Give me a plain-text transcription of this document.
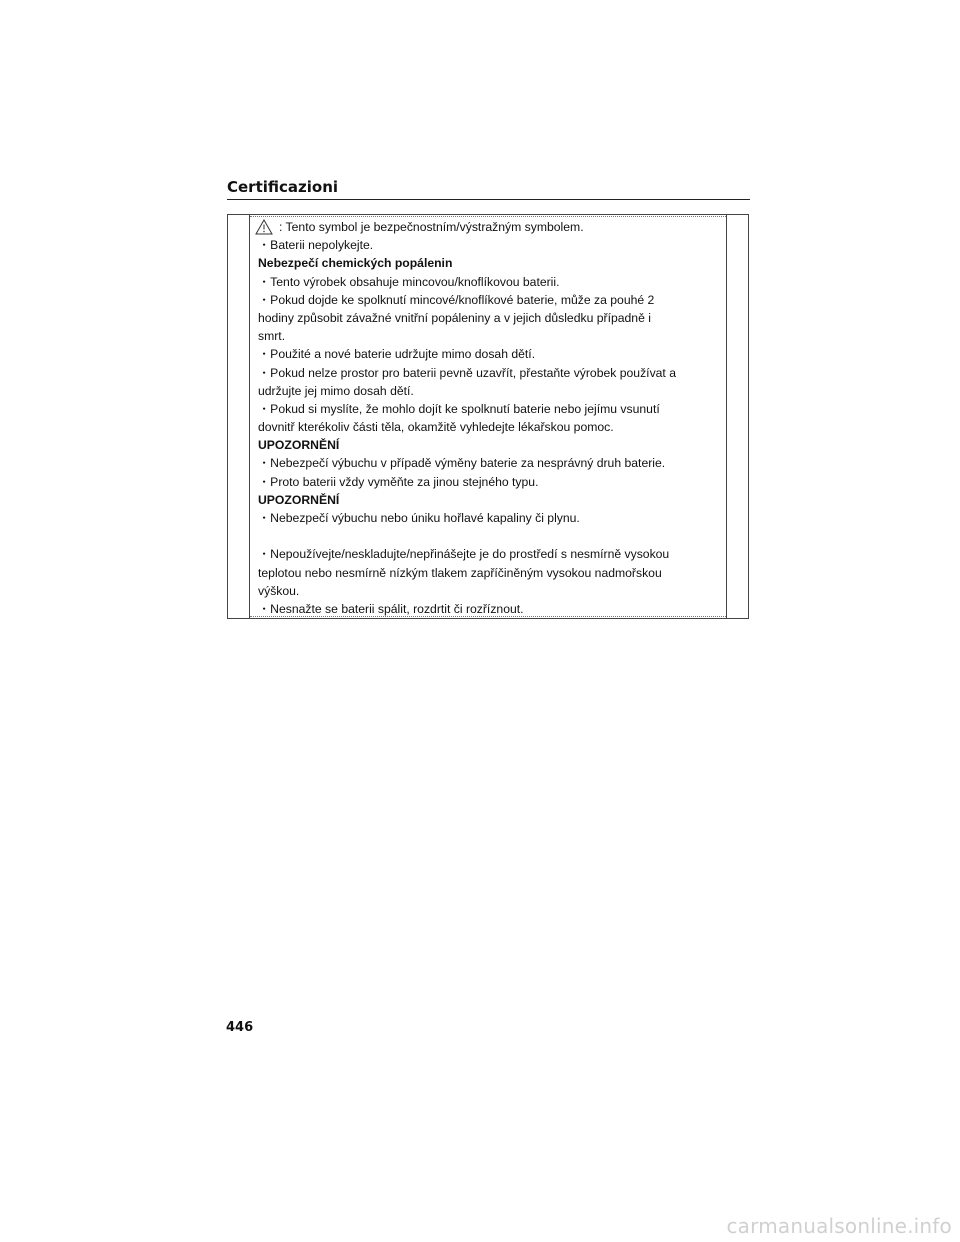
Certificazioni
: Tento symbol je bezpečnostním/výstražným symbolem.
・Baterii nepolykejte.
Nebezpečí chemických popálenin
・Tento výrobek obsahuje mincovou/knoflíkovou baterii.
・Pokud dojde ke spolknutí mincové/knoflíkové baterie, může za pouhé 2
hodiny způsobit závažné vnitřní popáleniny a v jejich důsledku případně i
smrt.
・Použité a nové baterie udržujte mimo dosah dětí.
・Pokud nelze prostor pro baterii pevně uzavřít, přestaňte výrobek používat a
udržujte jej mimo dosah dětí.
・Pokud si myslíte, že mohlo dojít ke spolknutí baterie nebo jejímu vsunutí
dovnitř kterékoliv části těla, okamžitě vyhledejte lékařskou pomoc.
UPOZORNĚNÍ
・Nebezpečí výbuchu v případě výměny baterie za nesprávný druh baterie.
・Proto baterii vždy vyměňte za jinou stejného typu.
UPOZORNĚNÍ
・Nebezpečí výbuchu nebo úniku hořlavé kapaliny či plynu.
・Nepoužívejte/neskladujte/nepřinášejte je do prostředí s nesmírně vysokou
teplotou nebo nesmírně nízkým tlakem zapříčiněným vysokou nadmořskou
výškou.
・Nesnažte se baterii spálit, rozdrtit či rozříznout.
446
carmanualsonline.info
